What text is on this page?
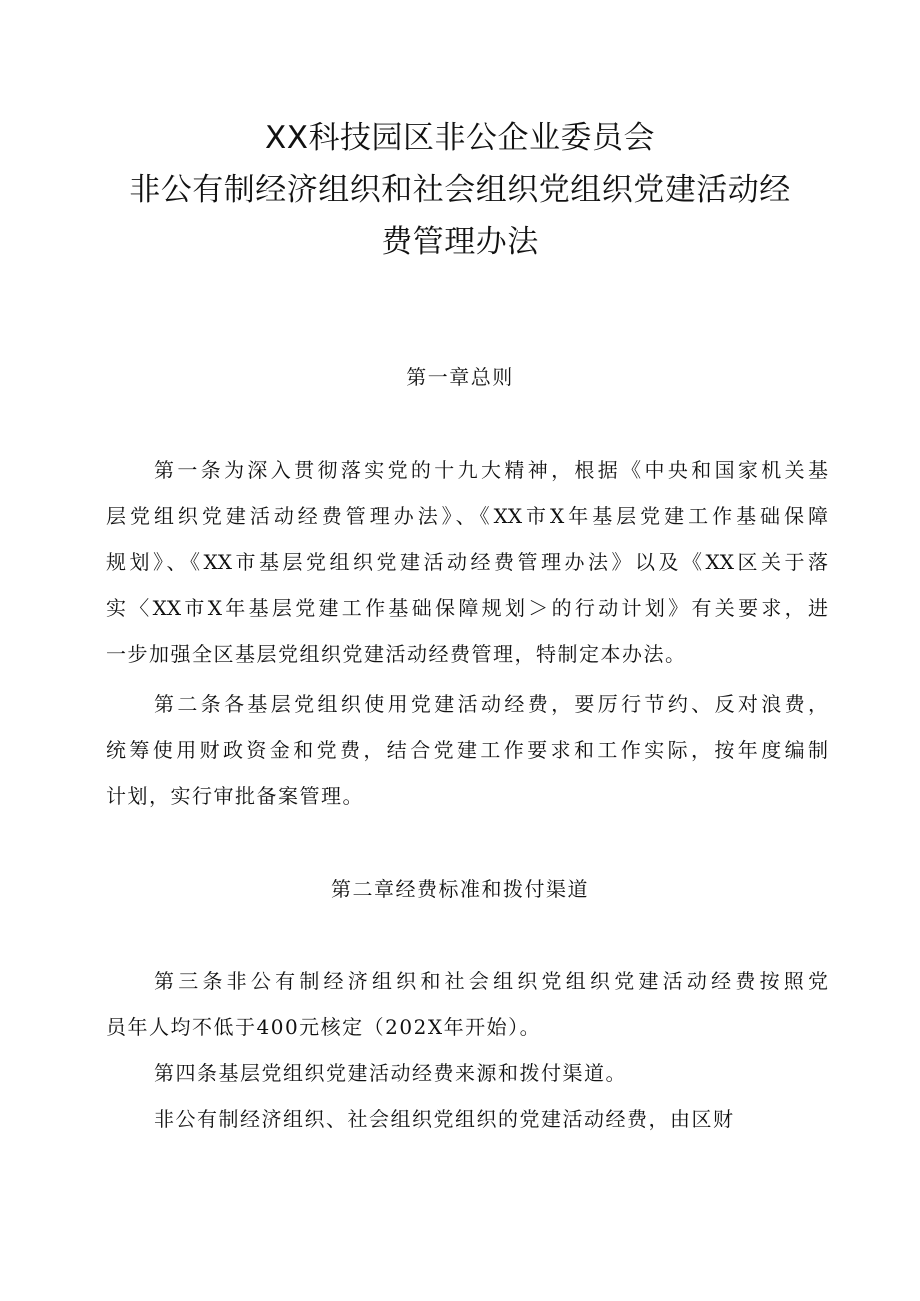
XX科技园区非公企业委员会
非公有制经济组织和社会组织党组织党建活动经
费管理办法
第一章总则
第一条为深入贯彻落实党的十九大精神，根据《中央和国家机关基
层党组织党建活动经费管理办法》、《XX市X年基层党建工作基础保障
规划》、《XX市基层党组织党建活动经费管理办法》以及《XX区关于落
实〈XX市X年基层党建工作基础保障规划＞的行动计划》有关要求，进
一步加强全区基层党组织党建活动经费管理，特制定本办法。
第二条各基层党组织使用党建活动经费，要厉行节约、反对浪费，
统筹使用财政资金和党费，结合党建工作要求和工作实际，按年度编制
计划，实行审批备案管理。
第二章经费标准和拨付渠道
第三条非公有制经济组织和社会组织党组织党建活动经费按照党
员年人均不低于400元核定（202X年开始）。
第四条基层党组织党建活动经费来源和拨付渠道。
非公有制经济组织、社会组织党组织的党建活动经费，由区财
